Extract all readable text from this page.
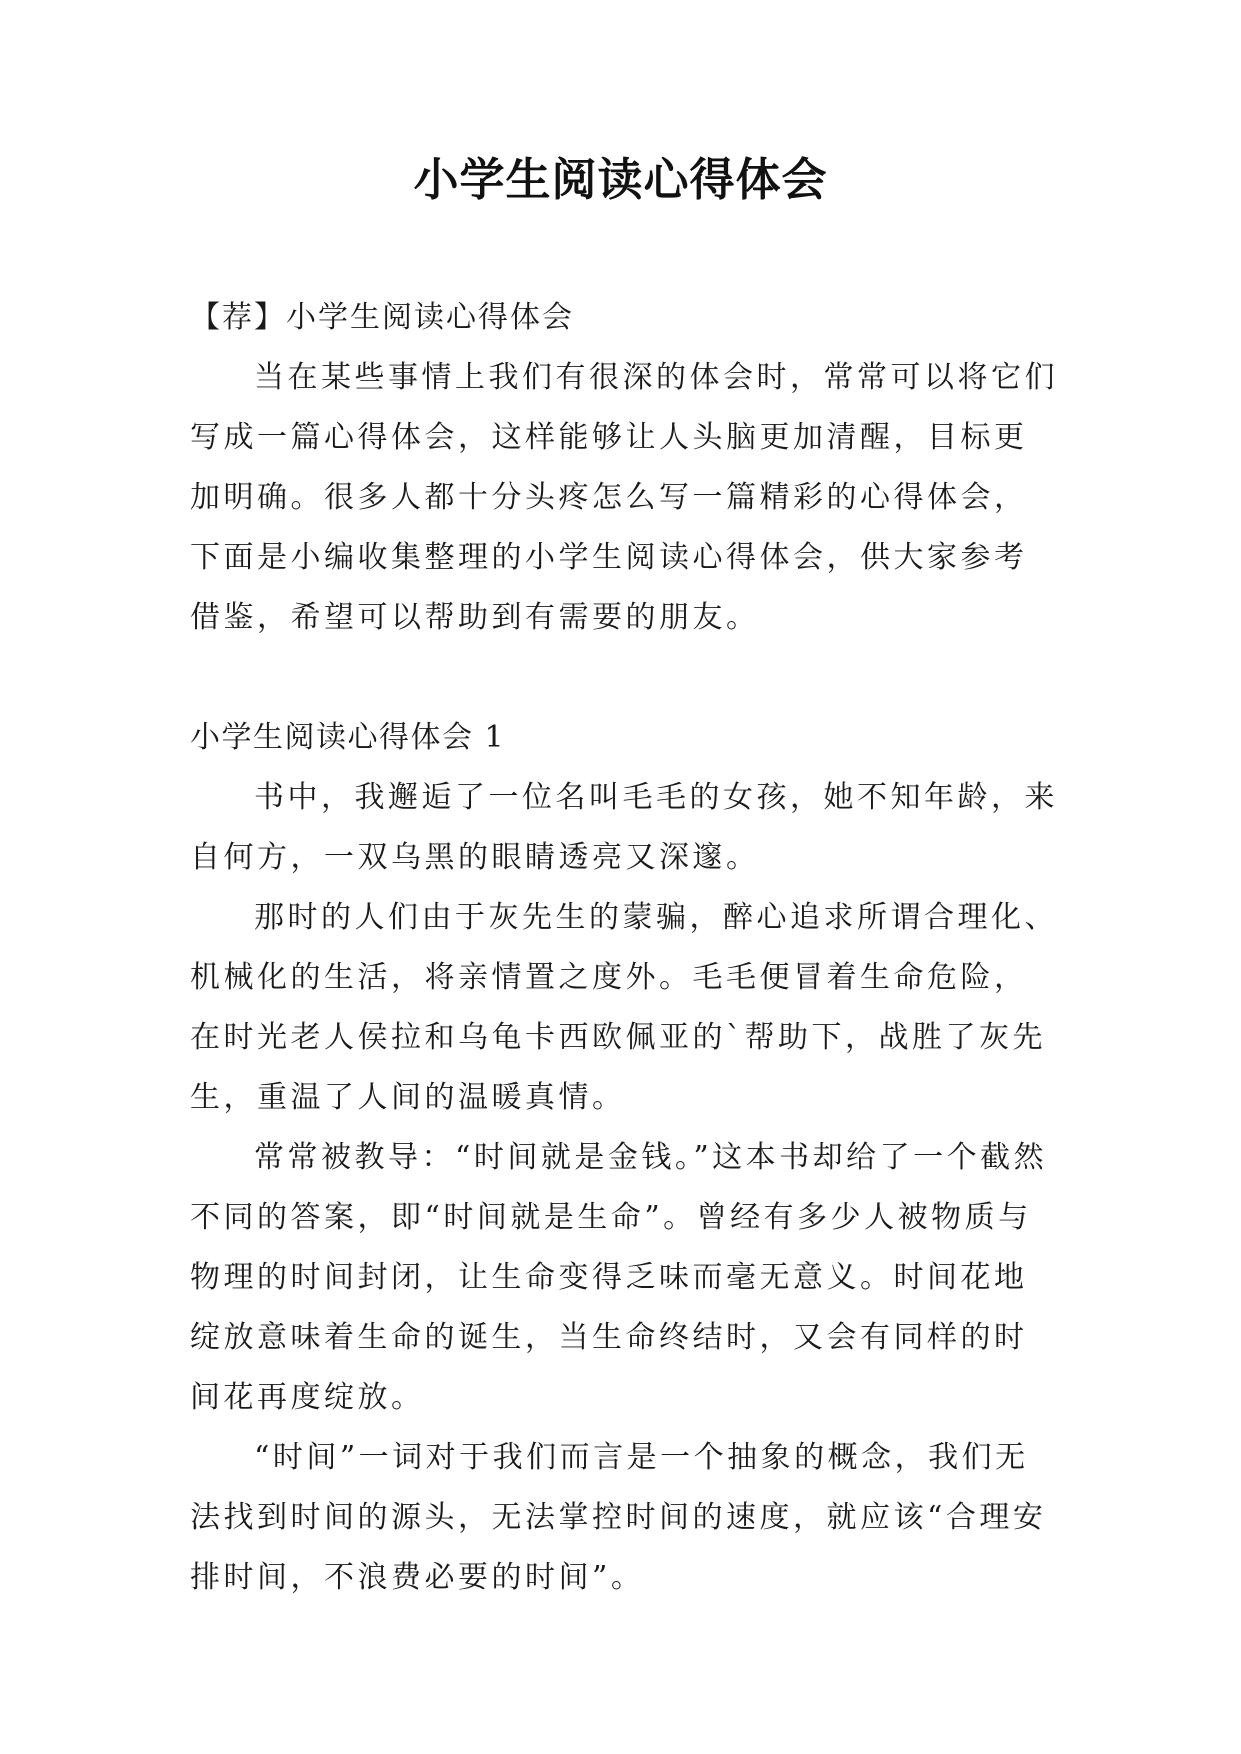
小学生阅读心得体会

【荐】小学生阅读心得体会

当在某些事情上我们有很深的体会时，常常可以将它们写成一篇心得体会，这样能够让人头脑更加清醒，目标更加明确。很多人都十分头疼怎么写一篇精彩的心得体会，下面是小编收集整理的小学生阅读心得体会，供大家参考借鉴，希望可以帮助到有需要的朋友。

小学生阅读心得体会 1

书中，我邂逅了一位名叫毛毛的女孩，她不知年龄，来自何方，一双乌黑的眼睛透亮又深邃。

那时的人们由于灰先生的蒙骗，醉心追求所谓合理化、机械化的生活，将亲情置之度外。毛毛便冒着生命危险，在时光老人侯拉和乌龟卡西欧佩亚的`帮助下，战胜了灰先生，重温了人间的温暖真情。

常常被教导：“时间就是金钱。”这本书却给了一个截然不同的答案，即“时间就是生命”。曾经有多少人被物质与物理的时间封闭，让生命变得乏味而毫无意义。时间花地绽放意味着生命的诞生，当生命终结时，又会有同样的时间花再度绽放。

“时间”一词对于我们而言是一个抽象的概念，我们无法找到时间的源头，无法掌控时间的速度，就应该“合理安排时间，不浪费必要的时间”。
